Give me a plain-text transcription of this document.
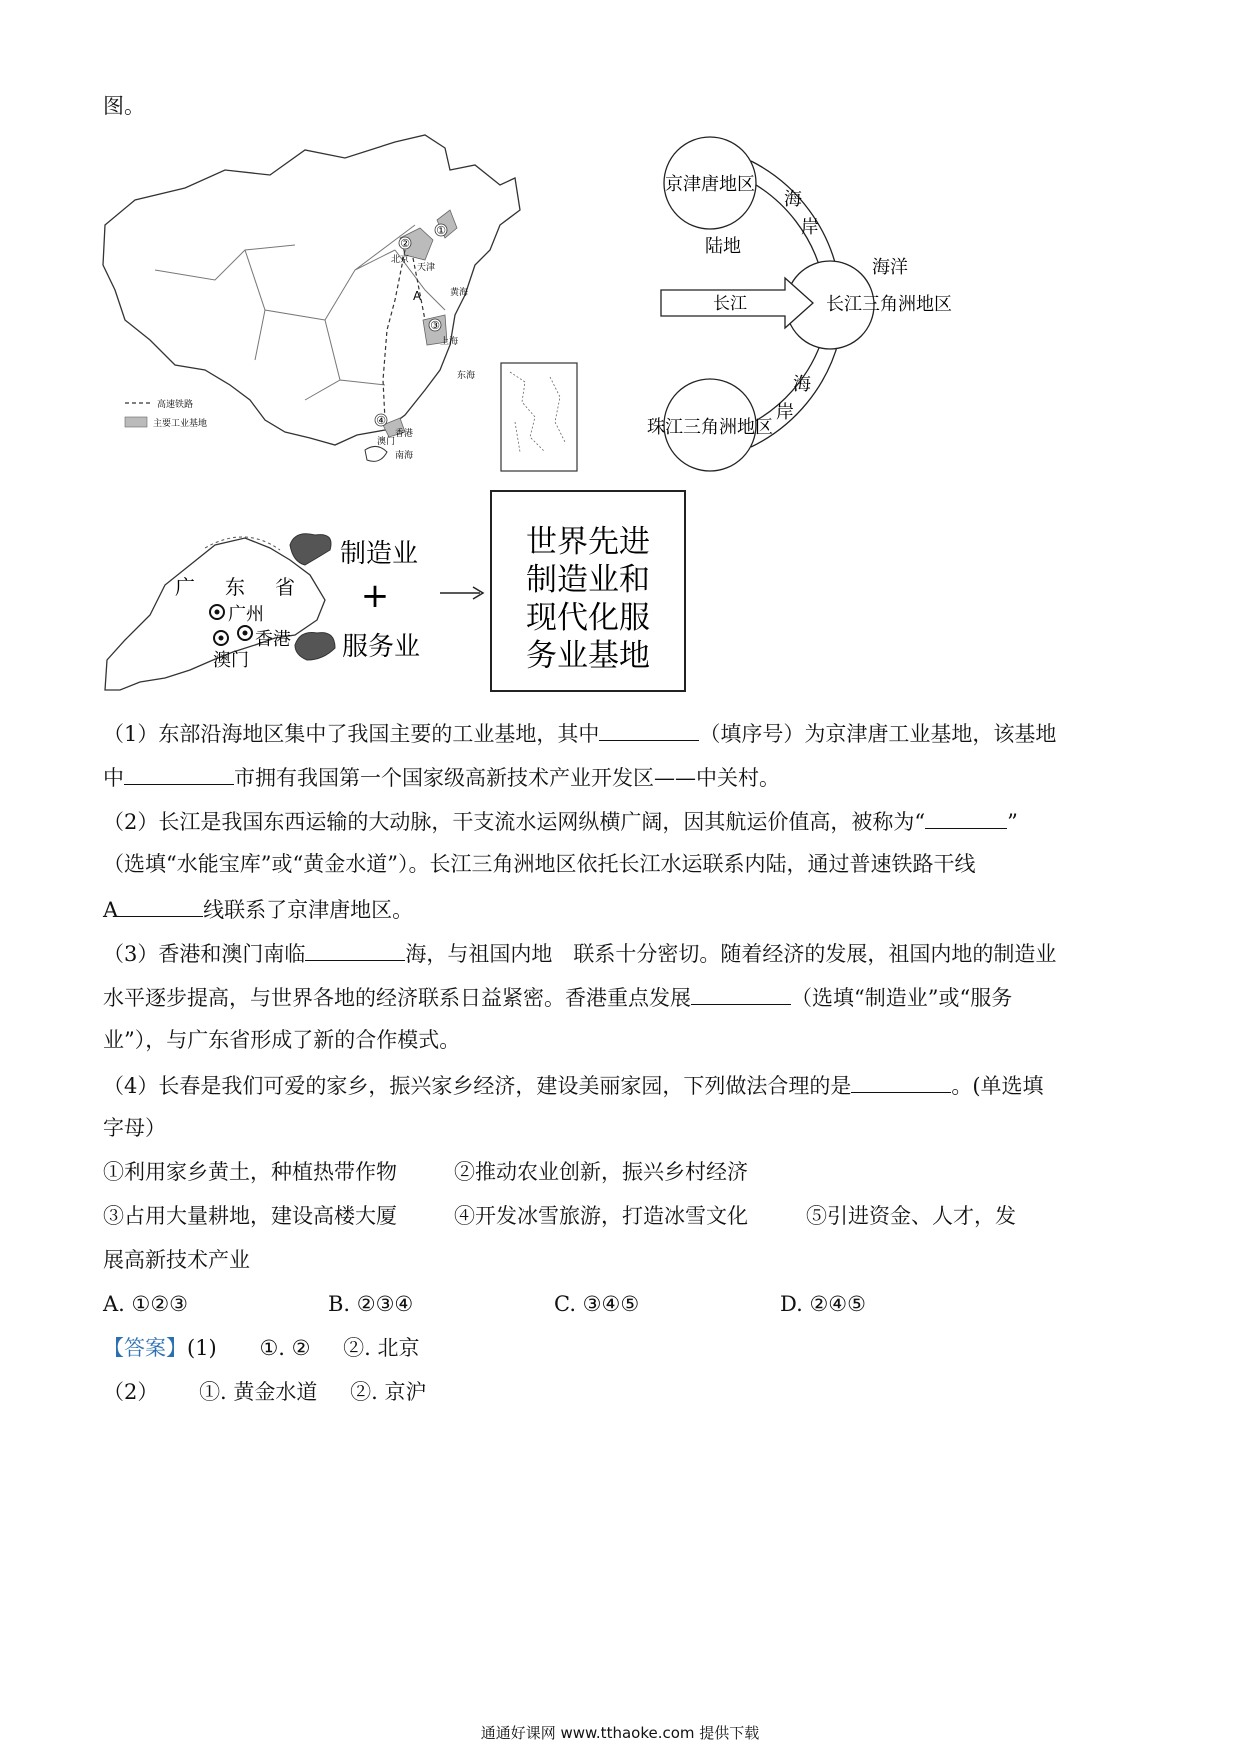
图。
①
②
③
④
北京
天津
上海
香港
澳门
黄海
东海
南海
A
高速铁路
主要工业基地
京津唐地区
珠江三角洲地区
长江三角洲地区
陆地
海洋
长江
海
岸
海
岸
广 东 省
广州
澳门
香港
制造业
服务业
+
世界先进
制造业和
现代化服
务业基地
（1）东部沿海地区集中了我国主要的工业基地，其中	（填序号）为京津唐工业基地，该基地
中	市拥有我国第一个国家级高新技术产业开发区——中关村。
（2）长江是我国东西运输的大动脉，干支流水运网纵横广阔，因其航运价值高，被称为“	”
（选填“水能宝库”或“黄金水道”）。长江三角洲地区依托长江水运联系内陆，通过普速铁路干线
A	线联系了京津唐地区。
（3）香港和澳门南临	海，与祖国内地　联系十分密切。随着经济的发展，祖国内地的制造业
水平逐步提高，与世界各地的经济联系日益紧密。香港重点发展	（选填“制造业”或“服务
业”），与广东省形成了新的合作模式。
（4）长春是我们可爱的家乡，振兴家乡经济，建设美丽家园，下列做法合理的是	。(单选填
字母）
①利用家乡黄土，种植热带作物	②推动农业创新，振兴乡村经济
③占用大量耕地，建设高楼大厦	④开发冰雪旅游，打造冰雪文化	⑤引进资金、人才，发
展高新技术产业
A. ①②③	B. ②③④	C. ③④⑤	D. ②④⑤
【答案】(1) ①. ② ②. 北京
（2） ①. 黄金水道 ②. 京沪
通通好课网 www.tthaoke.com 提供下载
